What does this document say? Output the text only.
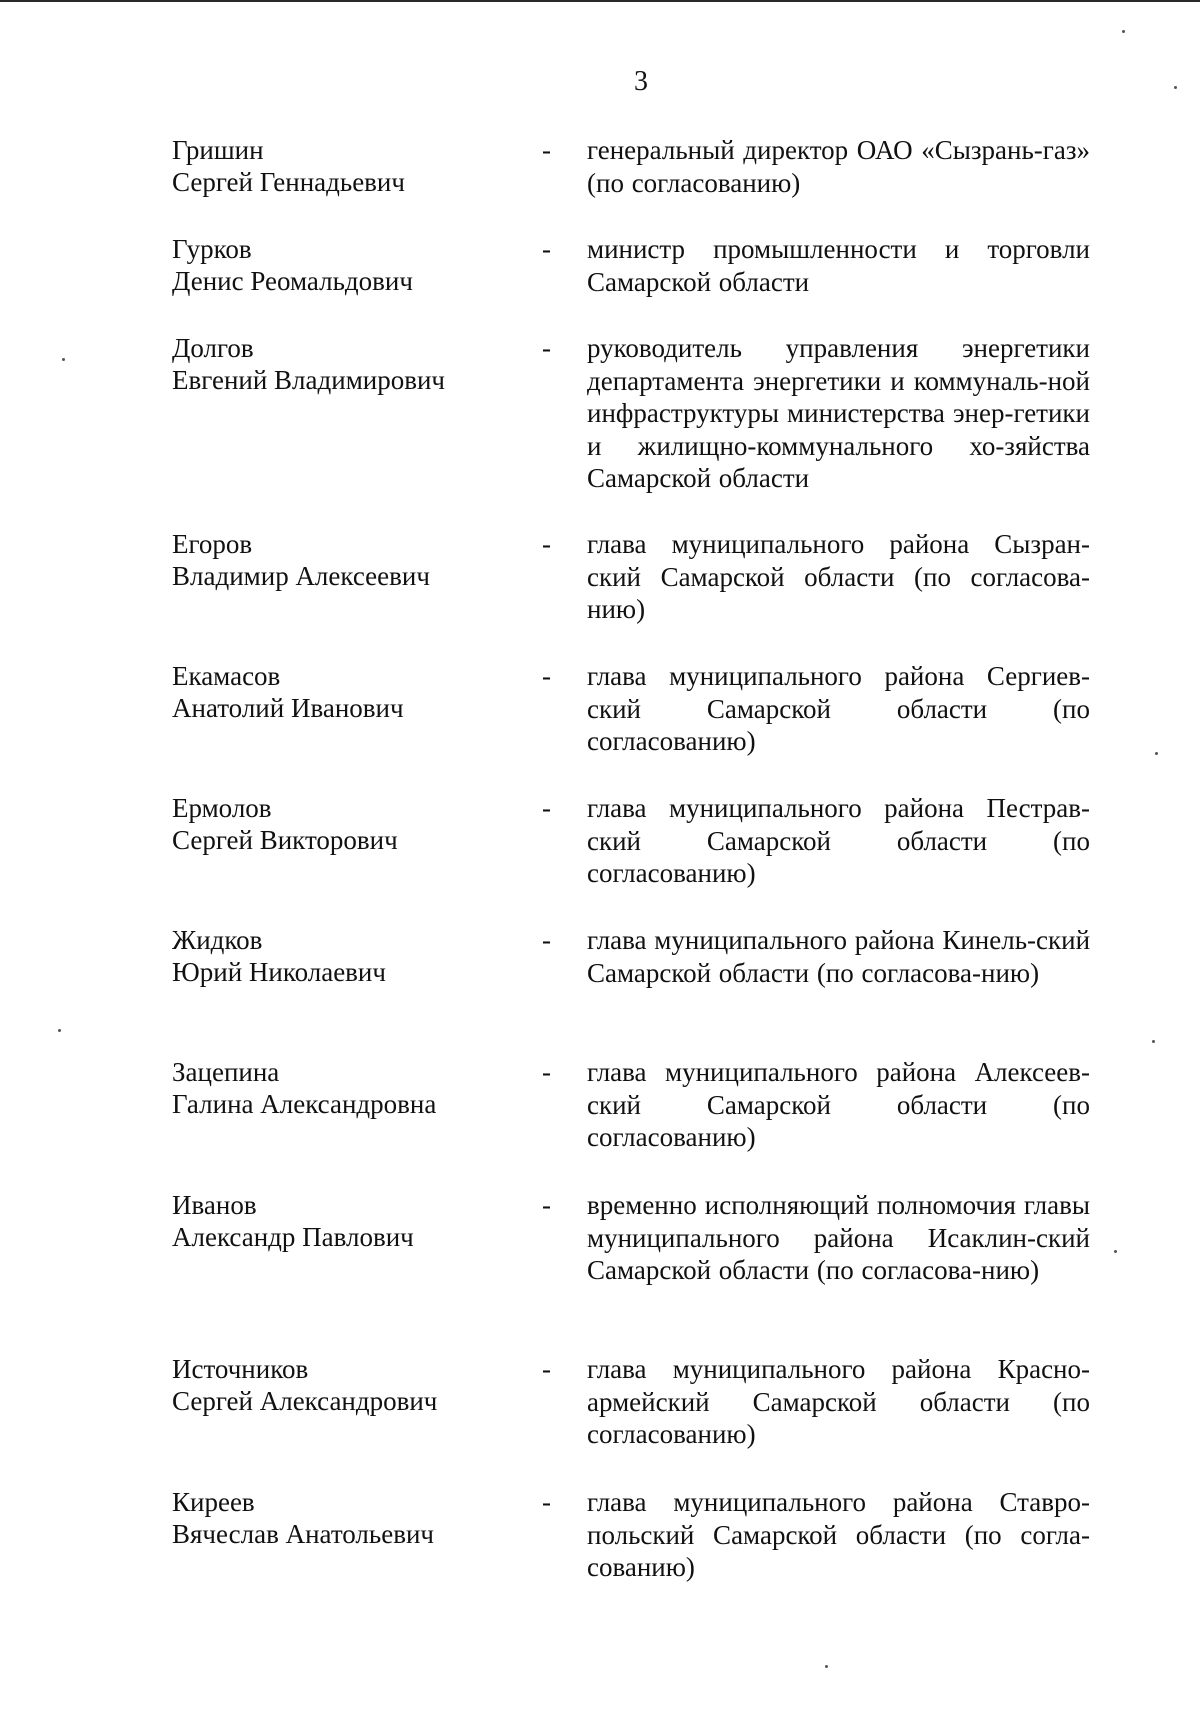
3
Гришин
Сергей Геннадьевич
- генеральный директор ОАО «Сызрань-газ» (по согласованию)
Гурков
Денис Реомальдович
- министр промышленности и торговли Самарской области
Долгов
Евгений Владимирович
- руководитель управления энергетики департамента энергетики и коммуналь-ной инфраструктуры министерства энер-гетики и жилищно-коммунального хо-зяйства Самарской области
Егоров
Владимир Алексеевич
- глава муниципального района Сызран-ский Самарской области (по согласова-нию)
Екамасов
Анатолий Иванович
- глава муниципального района Сергиев-ский Самарской области (по согласованию)
Ермолов
Сергей Викторович
- глава муниципального района Пестрав-ский Самарской области (по согласованию)
Жидков
Юрий Николаевич
- глава муниципального района Кинель-ский Самарской области (по согласова-нию)
Зацепина
Галина Александровна
- глава муниципального района Алексеев-ский Самарской области (по согласованию)
Иванов
Александр Павлович
- временно исполняющий полномочия главы муниципального района Исаклин-ский Самарской области (по согласова-нию)
Источников
Сергей Александрович
- глава муниципального района Красно-армейский Самарской области (по согласованию)
Киреев
Вячеслав Анатольевич
- глава муниципального района Ставро-польский Самарской области (по согла-сованию)
